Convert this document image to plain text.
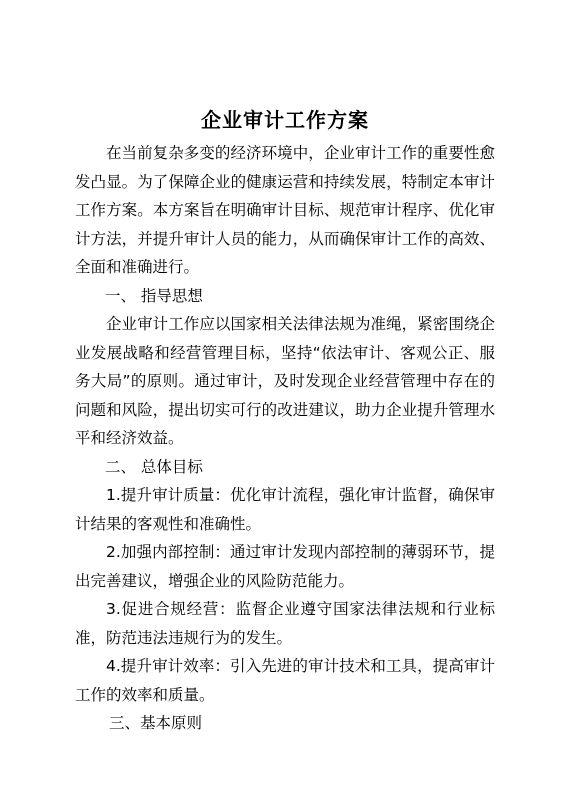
企业审计工作方案

在当前复杂多变的经济环境中，企业审计工作的重要性愈发凸显。为了保障企业的健康运营和持续发展，特制定本审计工作方案。本方案旨在明确审计目标、规范审计程序、优化审计方法，并提升审计人员的能力，从而确保审计工作的高效、全面和准确进行。

一、 指导思想

企业审计工作应以国家相关法律法规为准绳，紧密围绕企业发展战略和经营管理目标，坚持“依法审计、客观公正、服务大局”的原则。通过审计，及时发现企业经营管理中存在的问题和风险，提出切实可行的改进建议，助力企业提升管理水平和经济效益。

二、 总体目标

1.提升审计质量：优化审计流程，强化审计监督，确保审计结果的客观性和准确性。

2.加强内部控制：通过审计发现内部控制的薄弱环节，提出完善建议，增强企业的风险防范能力。

3.促进合规经营：监督企业遵守国家法律法规和行业标准，防范违法违规行为的发生。

4.提升审计效率：引入先进的审计技术和工具，提高审计工作的效率和质量。

三、基本原则
